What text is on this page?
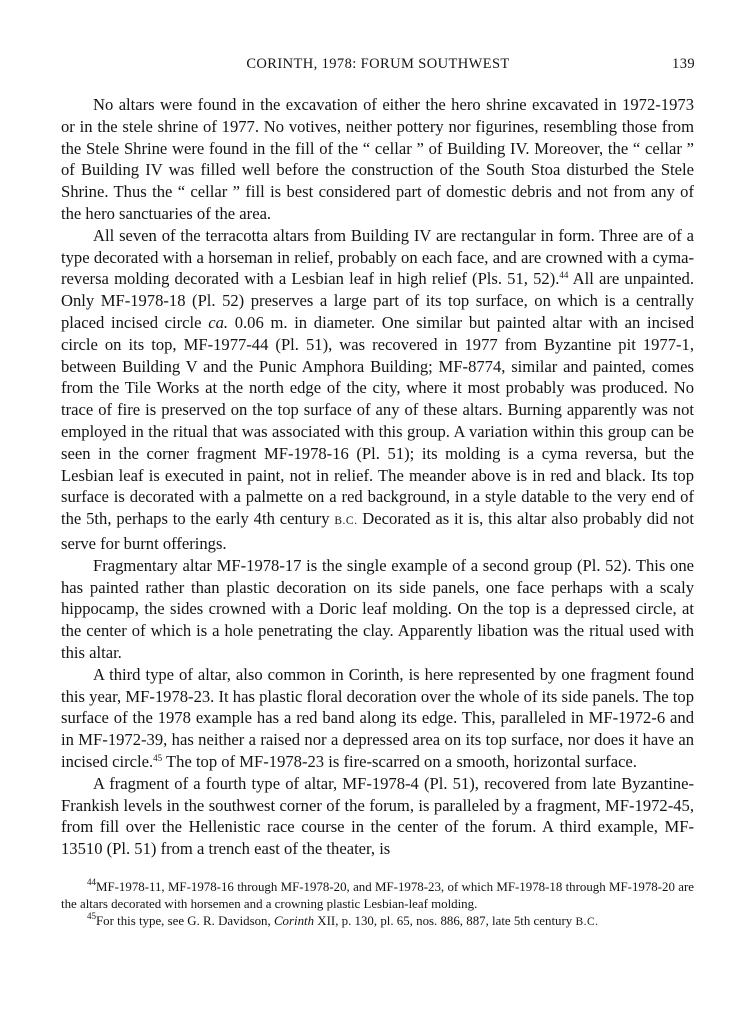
CORINTH, 1978: FORUM SOUTHWEST	139

No altars were found in the excavation of either the hero shrine excavated in 1972-1973 or in the stele shrine of 1977. No votives, neither pottery nor figurines, resembling those from the Stele Shrine were found in the fill of the “ cellar ” of Building IV. Moreover, the “ cellar ” of Building IV was filled well before the construction of the South Stoa disturbed the Stele Shrine. Thus the “ cellar ” fill is best considered part of domestic debris and not from any of the hero sanctuaries of the area.

All seven of the terracotta altars from Building IV are rectangular in form. Three are of a type decorated with a horseman in relief, probably on each face, and are crowned with a cyma-reversa molding decorated with a Lesbian leaf in high relief (Pls. 51, 52).$^{44}$ All are unpainted. Only MF-1978-18 (Pl. 52) preserves a large part of its top surface, on which is a centrally placed incised circle ca. 0.06 m. in diameter. One similar but painted altar with an incised circle on its top, MF-1977-44 (Pl. 51), was recovered in 1977 from Byzantine pit 1977-1, between Building V and the Punic Amphora Building; MF-8774, similar and painted, comes from the Tile Works at the north edge of the city, where it most probably was produced. No trace of fire is preserved on the top surface of any of these altars. Burning apparently was not employed in the ritual that was associated with this group. A variation within this group can be seen in the corner fragment MF-1978-16 (Pl. 51); its molding is a cyma reversa, but the Lesbian leaf is executed in paint, not in relief. The meander above is in red and black. Its top surface is decorated with a palmette on a red background, in a style datable to the very end of the 5th, perhaps to the early 4th century B.C. Decorated as it is, this altar also probably did not serve for burnt offerings.

Fragmentary altar MF-1978-17 is the single example of a second group (Pl. 52). This one has painted rather than plastic decoration on its side panels, one face perhaps with a scaly hippocamp, the sides crowned with a Doric leaf molding. On the top is a depressed circle, at the center of which is a hole penetrating the clay. Apparently libation was the ritual used with this altar.

A third type of altar, also common in Corinth, is here represented by one fragment found this year, MF-1978-23. It has plastic floral decoration over the whole of its side panels. The top surface of the 1978 example has a red band along its edge. This, paralleled in MF-1972-6 and in MF-1972-39, has neither a raised nor a depressed area on its top surface, nor does it have an incised circle.$^{45}$ The top of MF-1978-23 is fire-scarred on a smooth, horizontal surface.

A fragment of a fourth type of altar, MF-1978-4 (Pl. 51), recovered from late Byzantine-Frankish levels in the southwest corner of the forum, is paralleled by a fragment, MF-1972-45, from fill over the Hellenistic race course in the center of the forum. A third example, MF-13510 (Pl. 51) from a trench east of the theater, is

$^{44}$MF-1978-11, MF-1978-16 through MF-1978-20, and MF-1978-23, of which MF-1978-18 through MF-1978-20 are the altars decorated with horsemen and a crowning plastic Lesbian-leaf molding.

$^{45}$For this type, see G. R. Davidson, Corinth XII, p. 130, pl. 65, nos. 886, 887, late 5th century B.C.
